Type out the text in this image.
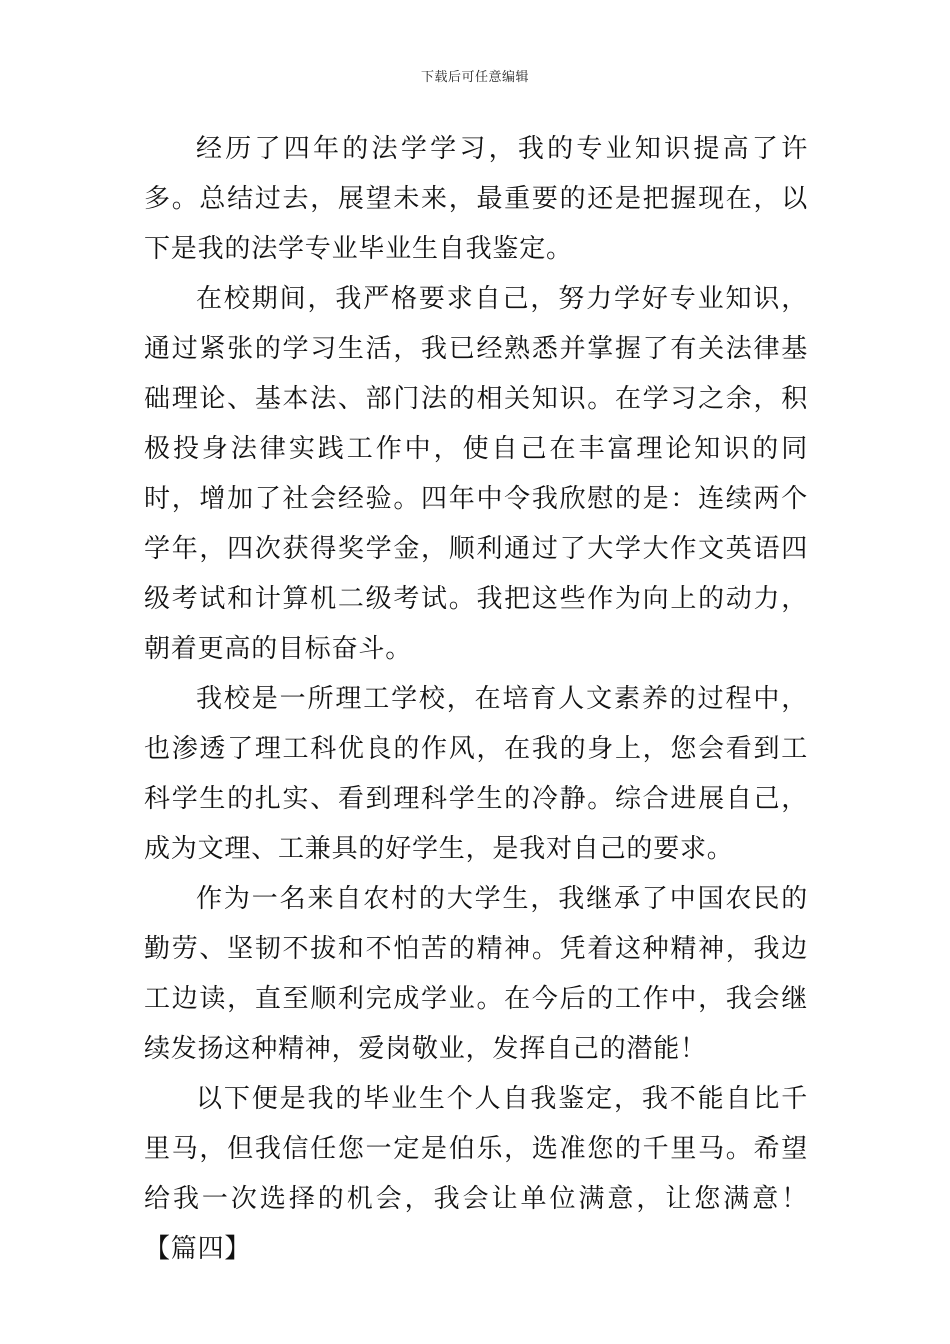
下载后可任意编辑

经历了四年的法学学习，我的专业知识提高了许多。总结过去，展望未来，最重要的还是把握现在，以下是我的法学专业毕业生自我鉴定。

在校期间，我严格要求自己，努力学好专业知识，通过紧张的学习生活，我已经熟悉并掌握了有关法律基础理论、基本法、部门法的相关知识。在学习之余，积极投身法律实践工作中，使自己在丰富理论知识的同时，增加了社会经验。四年中令我欣慰的是：连续两个学年，四次获得奖学金，顺利通过了大学大作文英语四级考试和计算机二级考试。我把这些作为向上的动力，朝着更高的目标奋斗。

我校是一所理工学校，在培育人文素养的过程中，也渗透了理工科优良的作风，在我的身上，您会看到工科学生的扎实、看到理科学生的冷静。综合进展自己，成为文理、工兼具的好学生，是我对自己的要求。

作为一名来自农村的大学生，我继承了中国农民的勤劳、坚韧不拔和不怕苦的精神。凭着这种精神，我边工边读，直至顺利完成学业。在今后的工作中，我会继续发扬这种精神，爱岗敬业，发挥自己的潜能！

以下便是我的毕业生个人自我鉴定，我不能自比千里马，但我信任您一定是伯乐，选准您的千里马。希望给我一次选择的机会，我会让单位满意，让您满意！【篇四】
